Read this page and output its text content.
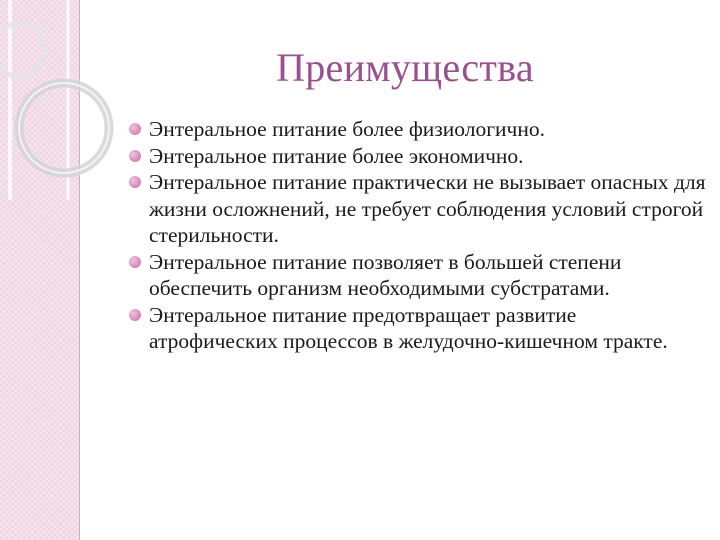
Преимущества
Энтеральное питание более физиологично.
Энтеральное питание более экономично.
Энтеральное питание практически не вызывает опасных для жизни осложнений, не требует соблюдения условий строгой стерильности.
Энтеральное питание позволяет в большей степени обеспечить организм необходимыми субстратами.
Энтеральное питание предотвращает развитие атрофических процессов в желудочно-кишечном тракте.
